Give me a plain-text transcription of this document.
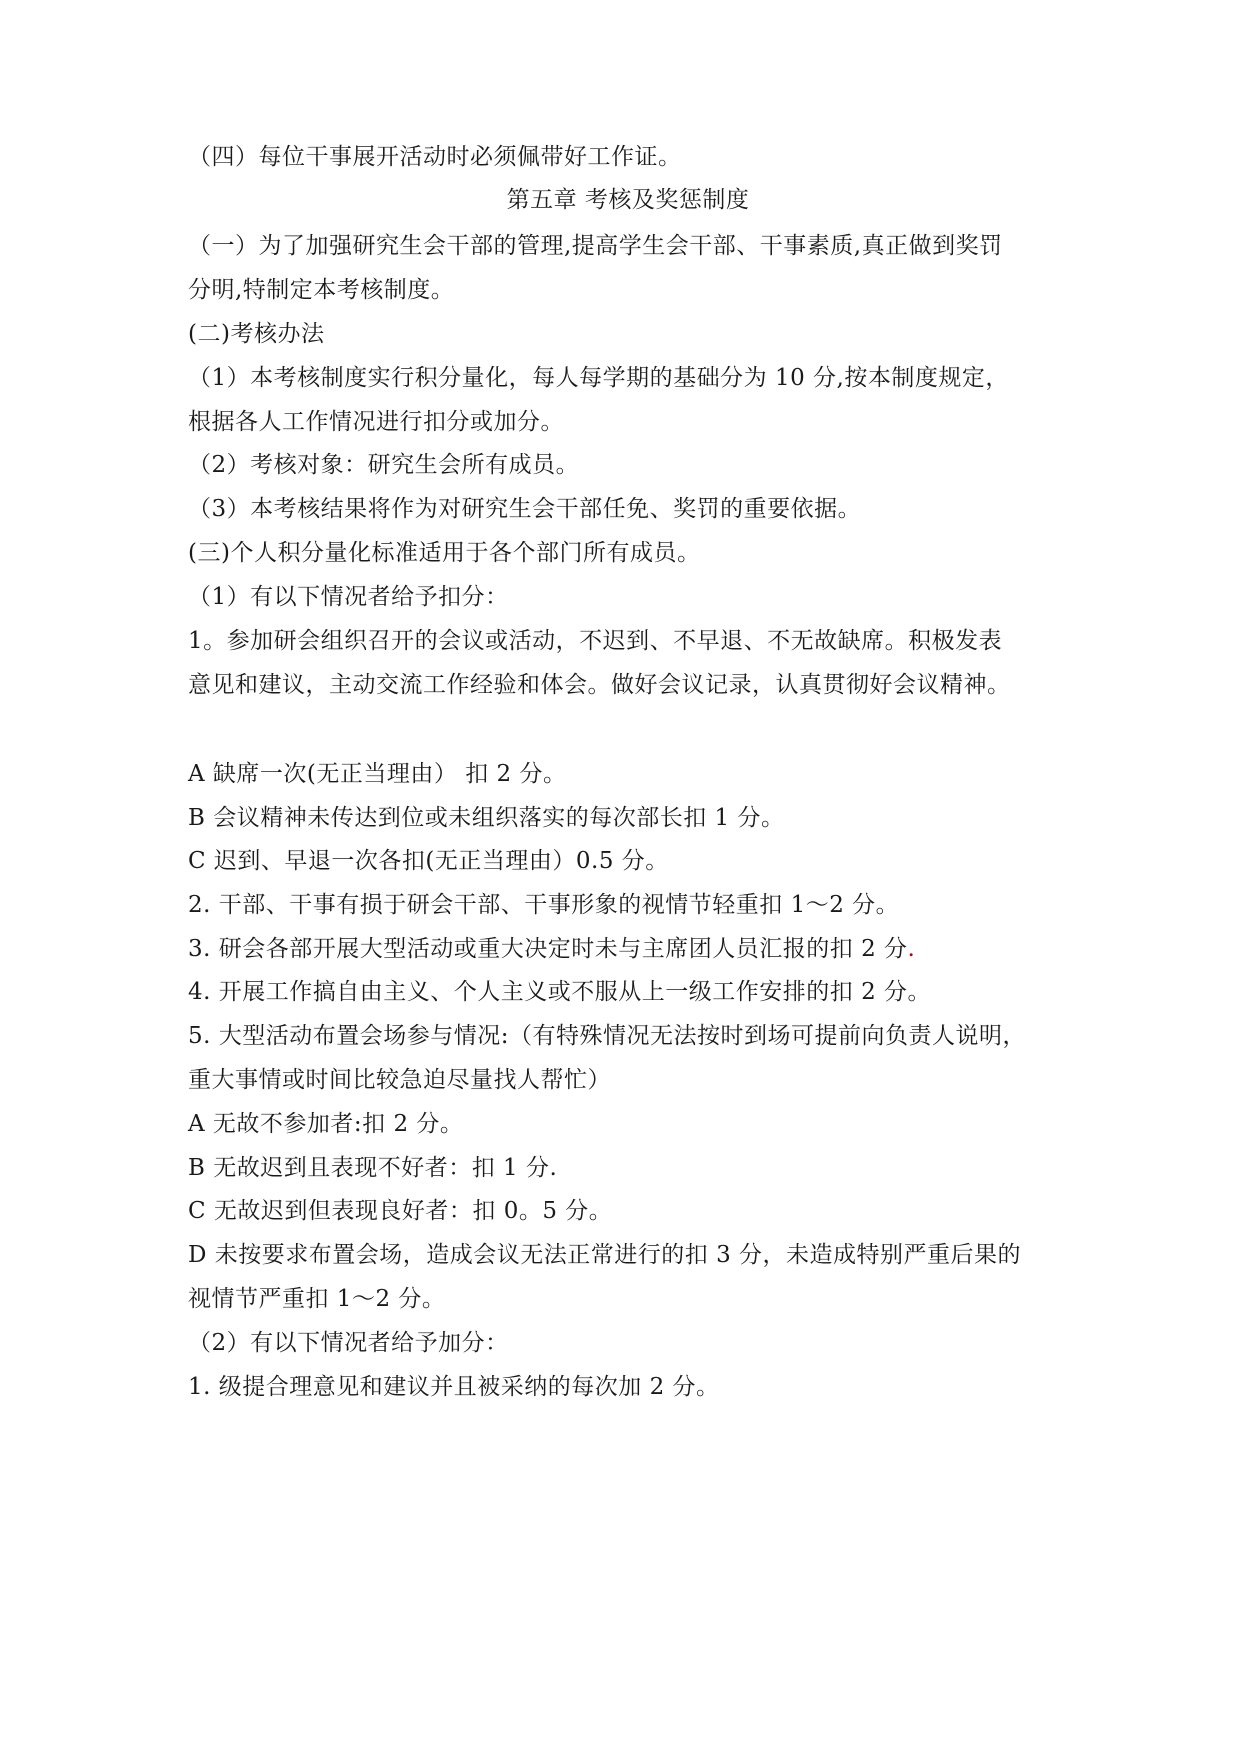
（四）每位干事展开活动时必须佩带好工作证。
第五章 考核及奖惩制度
（一）为了加强研究生会干部的管理,提高学生会干部、干事素质,真正做到奖罚
分明,特制定本考核制度。
(二)考核办法
（1）本考核制度实行积分量化，每人每学期的基础分为 10 分,按本制度规定，
根据各人工作情况进行扣分或加分。
（2）考核对象：研究生会所有成员。
（3）本考核结果将作为对研究生会干部任免、奖罚的重要依据。
(三)个人积分量化标准适用于各个部门所有成员。
（1）有以下情况者给予扣分：
1。参加研会组织召开的会议或活动，不迟到、不早退、不无故缺席。积极发表
意见和建议，主动交流工作经验和体会。做好会议记录，认真贯彻好会议精神。
A 缺席一次(无正当理由） 扣 2 分。
B 会议精神未传达到位或未组织落实的每次部长扣 1 分。
C 迟到、早退一次各扣(无正当理由）0.5 分。
2. 干部、干事有损于研会干部、干事形象的视情节轻重扣 1～2 分。
3. 研会各部开展大型活动或重大决定时未与主席团人员汇报的扣 2 分.
4. 开展工作搞自由主义、个人主义或不服从上一级工作安排的扣 2 分。
5. 大型活动布置会场参与情况:（有特殊情况无法按时到场可提前向负责人说明，
重大事情或时间比较急迫尽量找人帮忙）
A 无故不参加者:扣 2 分。
B 无故迟到且表现不好者：扣 1 分.
C 无故迟到但表现良好者：扣 0。5 分。
D 未按要求布置会场，造成会议无法正常进行的扣 3 分，未造成特别严重后果的
视情节严重扣 1～2 分。
（2）有以下情况者给予加分：
1. 级提合理意见和建议并且被采纳的每次加 2 分。
